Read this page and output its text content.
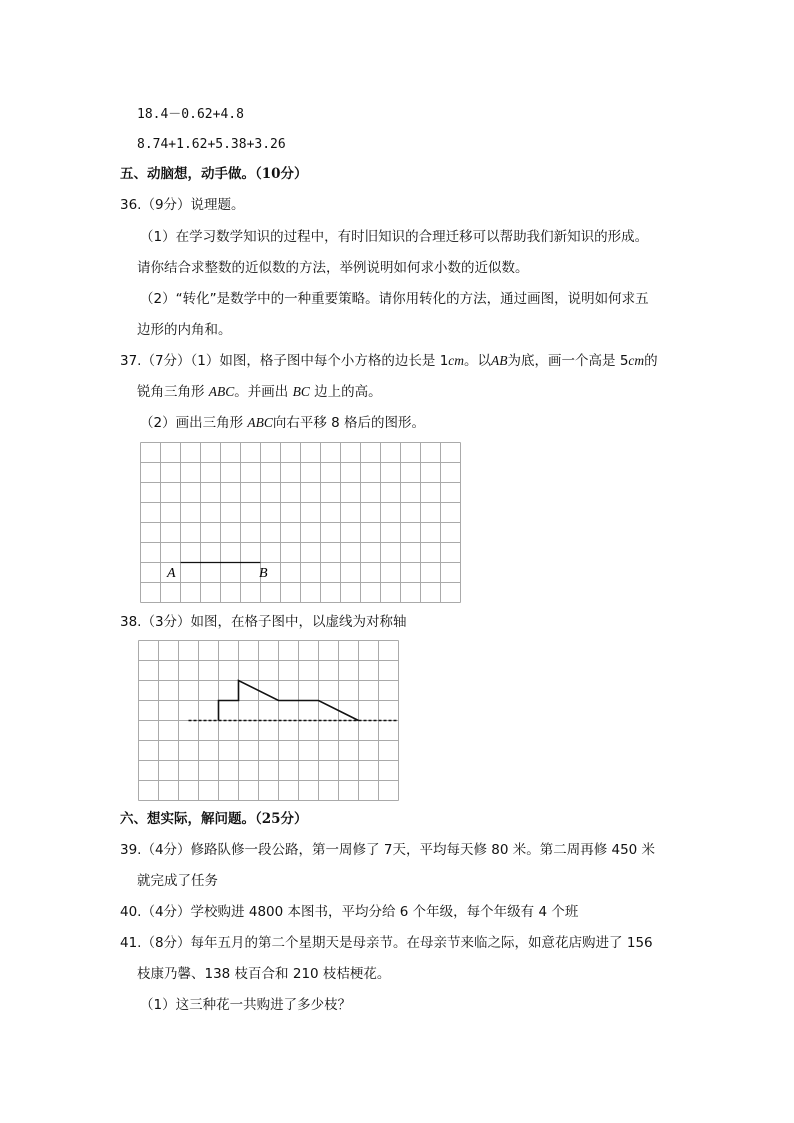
18.4－0.62+4.8
8.74+1.62+5.38+3.26
五、动脑想，动手做。（10分）
36.（9分）说理题。
（1）在学习数学知识的过程中，有时旧知识的合理迁移可以帮助我们新知识的形成。
请你结合求整数的近似数的方法，举例说明如何求小数的近似数。
（2）“转化”是数学中的一种重要策略。请你用转化的方法，通过画图，说明如何求五
边形的内角和。
37.（7分）（1）如图，格子图中每个小方格的边长是 1cm。以AB为底，画一个高是 5cm的
锐角三角形 ABC。并画出 BC 边上的高。
（2）画出三角形 ABC向右平移 8 格后的图形。
A	B
38.（3分）如图，在格子图中，以虚线为对称轴
六、想实际，解问题。（25分）
39.（4分）修路队修一段公路，第一周修了 7天，平均每天修 80 米。第二周再修 450 米
就完成了任务
40.（4分）学校购进 4800 本图书，平均分给 6 个年级，每个年级有 4 个班
41.（8分）每年五月的第二个星期天是母亲节。在母亲节来临之际，如意花店购进了 156
枝康乃馨、138 枝百合和 210 枝桔梗花。
（1）这三种花一共购进了多少枝？
